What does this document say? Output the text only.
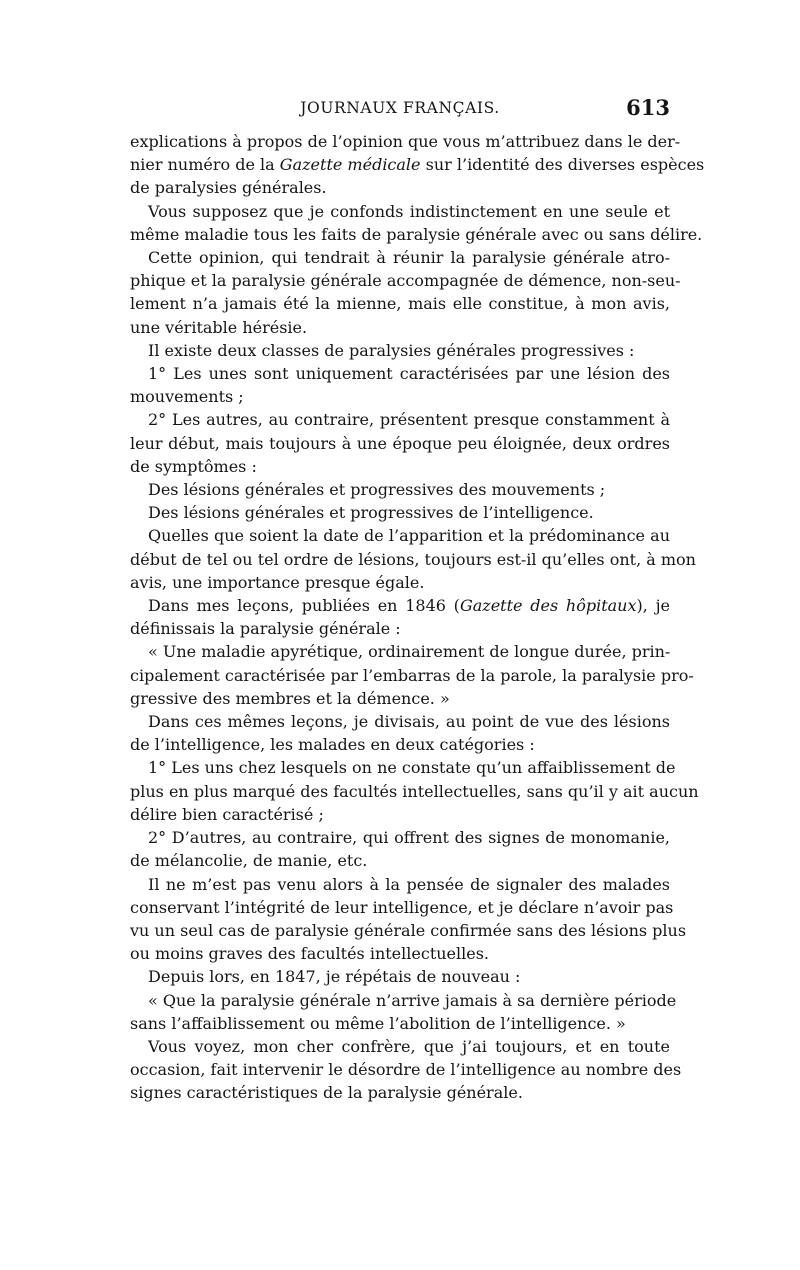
JOURNAUX FRANÇAIS.	613
explications à propos de l’opinion que vous m’attribuez dans le der-
nier numéro de la Gazette médicale sur l’identité des diverses espèces
de paralysies générales.
Vous supposez que je confonds indistinctement en une seule et
même maladie tous les faits de paralysie générale avec ou sans délire.
Cette opinion, qui tendrait à réunir la paralysie générale atro-
phique et la paralysie générale accompagnée de démence, non-seu-
lement n’a jamais été la mienne, mais elle constitue, à mon avis,
une véritable hérésie.
Il existe deux classes de paralysies générales progressives :
1° Les unes sont uniquement caractérisées par une lésion des
mouvements ;
2° Les autres, au contraire, présentent presque constamment à
leur début, mais toujours à une époque peu éloignée, deux ordres
de symptômes :
Des lésions générales et progressives des mouvements ;
Des lésions générales et progressives de l’intelligence.
Quelles que soient la date de l’apparition et la prédominance au
début de tel ou tel ordre de lésions, toujours est-il qu’elles ont, à mon
avis, une importance presque égale.
Dans mes leçons, publiées en 1846 (Gazette des hôpitaux), je
définissais la paralysie générale :
« Une maladie apyrétique, ordinairement de longue durée, prin-
cipalement caractérisée par l’embarras de la parole, la paralysie pro-
gressive des membres et la démence. »
Dans ces mêmes leçons, je divisais, au point de vue des lésions
de l’intelligence, les malades en deux catégories :
1° Les uns chez lesquels on ne constate qu’un affaiblissement de
plus en plus marqué des facultés intellectuelles, sans qu’il y ait aucun
délire bien caractérisé ;
2° D’autres, au contraire, qui offrent des signes de monomanie,
de mélancolie, de manie, etc.
Il ne m’est pas venu alors à la pensée de signaler des malades
conservant l’intégrité de leur intelligence, et je déclare n’avoir pas
vu un seul cas de paralysie générale confirmée sans des lésions plus
ou moins graves des facultés intellectuelles.
Depuis lors, en 1847, je répétais de nouveau :
« Que la paralysie générale n’arrive jamais à sa dernière période
sans l’affaiblissement ou même l’abolition de l’intelligence. »
Vous voyez, mon cher confrère, que j’ai toujours, et en toute
occasion, fait intervenir le désordre de l’intelligence au nombre des
signes caractéristiques de la paralysie générale.
